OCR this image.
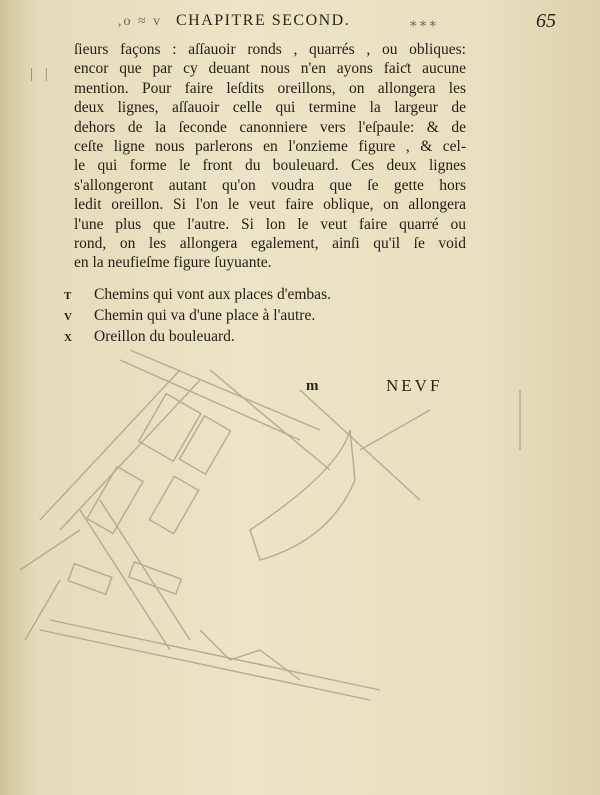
,o ≈ v CHAPITRE SECOND.	⁎ ⁎ ⁎	65
| |
ſieurs façons : aſſauoir ronds , quarrés , ou obliques:
encor que par cy deuant nous n'en ayons faiƈt aucune
mention. Pour faire leſdits oreillons, on allongera les
deux lignes, aſſauoir celle qui termine la largeur de
dehors de la ſeconde canonniere vers l'eſpaule: & de
ceſte ligne nous parlerons en l'onzieme figure , & cel-
le qui forme le front du bouleuard. Ces deux lignes
s'allongeront autant qu'on voudra que ſe gette hors
ledit oreillon. Si l'on le veut faire oblique, on allongera
l'une plus que l'autre. Si lon le veut faire quarré ou
rond, on les allongera egalement, ainſi qu'il ſe void
en la neufieſme figure ſuyuante.
T Chemins qui vont aux places d'embas.
V Chemin qui va d'une place à l'autre.
X Oreillon du bouleuard.
m	NEVF
